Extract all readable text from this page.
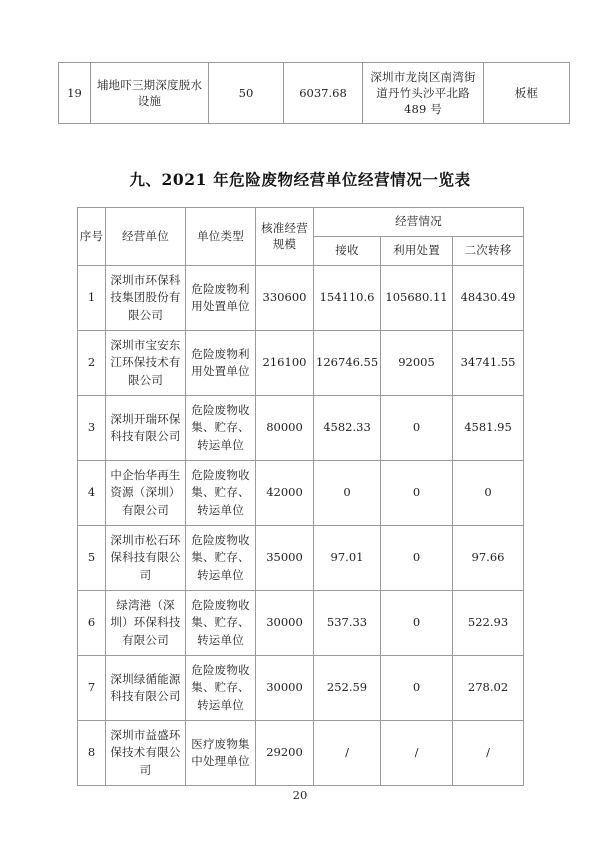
19	埔地吓三期深度脱水设施	50	6037.68	深圳市龙岗区南湾街道丹竹头沙平北路 489 号	板框
九、2021 年危险废物经营单位经营情况一览表
序号	经营单位	单位类型	核准经营规模	经营情况		
				接收	利用处置	二次转移
1	深圳市环保科技集团股份有限公司	危险废物利用处置单位	330600	154110.6	105680.11	48430.49
2	深圳市宝安东江环保技术有限公司	危险废物利用处置单位	216100	126746.55	92005	34741.55
3	深圳开瑞环保科技有限公司	危险废物收集、贮存、转运单位	80000	4582.33	0	4581.95
4	中企怡华再生资源（深圳）有限公司	危险废物收集、贮存、转运单位	42000	0	0	0
5	深圳市松石环保科技有限公司	危险废物收集、贮存、转运单位	35000	97.01	0	97.66
6	绿湾港（深圳）环保科技有限公司	危险废物收集、贮存、转运单位	30000	537.33	0	522.93
7	深圳绿循能源科技有限公司	危险废物收集、贮存、转运单位	30000	252.59	0	278.02
8	深圳市益盛环保技术有限公司	医疗废物集中处理单位	29200	/	/	/
20
